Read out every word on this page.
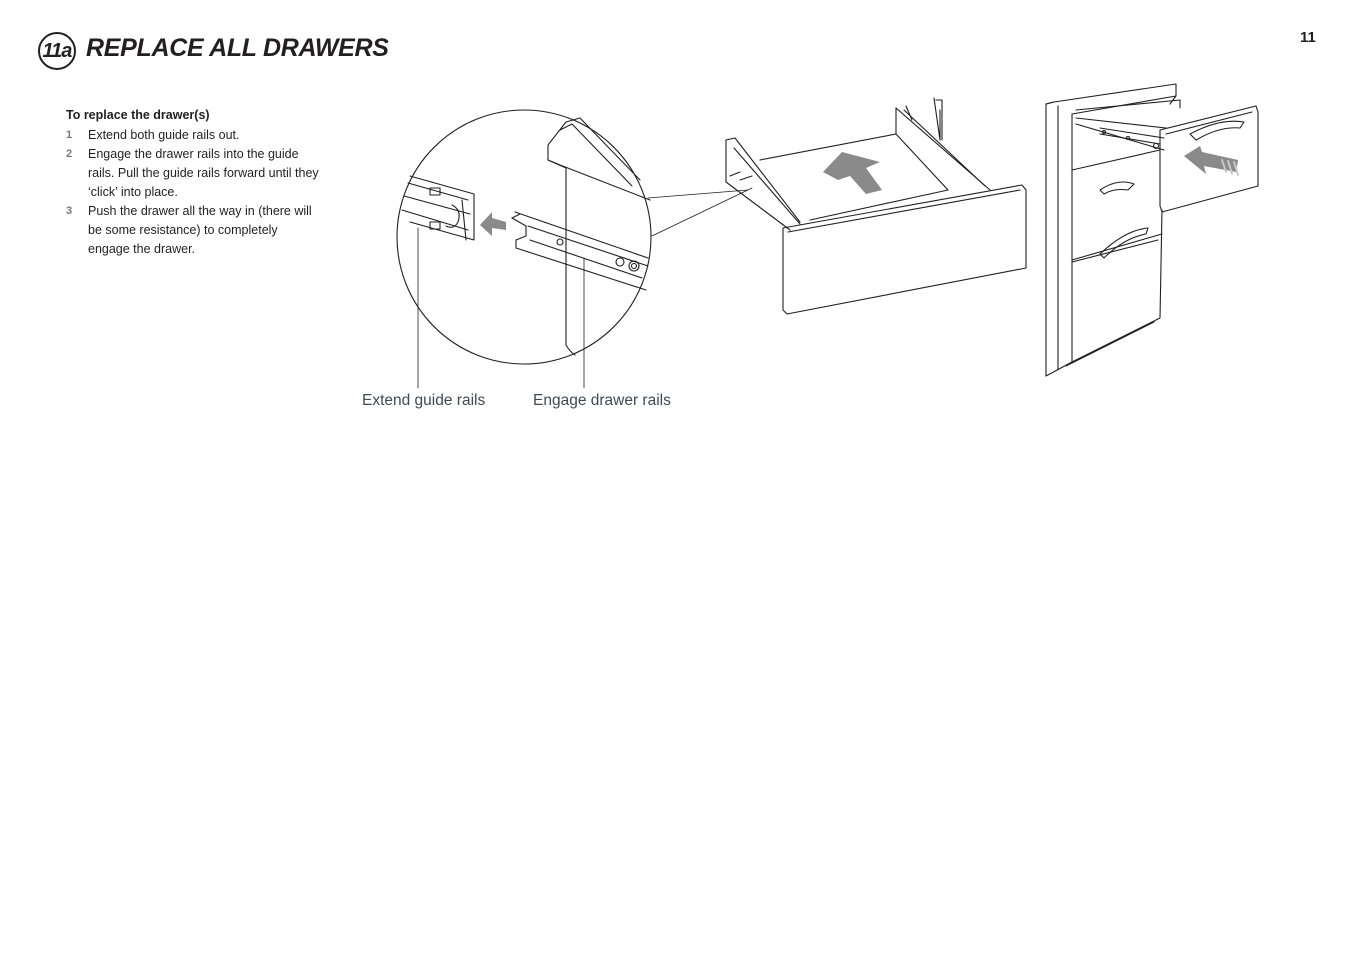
11
11a REPLACE ALL DRAWERS
To replace the drawer(s)
1	Extend both guide rails out.
2	Engage the drawer rails into the guide rails. Pull the guide rails forward until they ‘click’ into place.
3	Push the drawer all the way in (there will be some resistance) to completely engage the drawer.
Extend guide rails	Engage drawer rails
